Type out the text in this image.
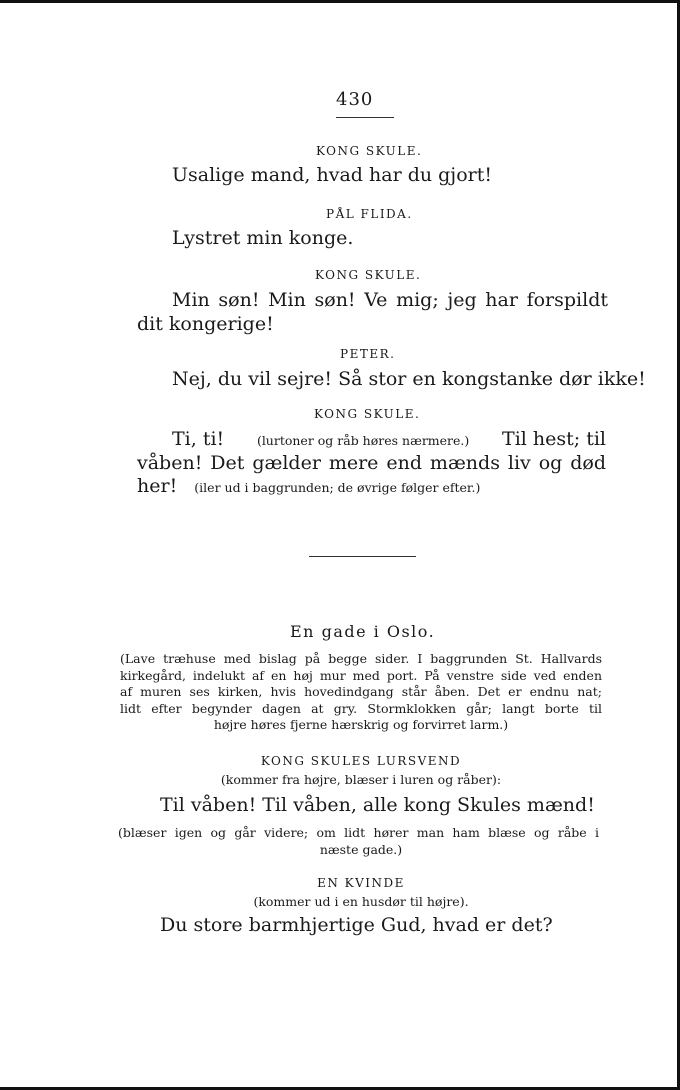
430
KONG SKULE.
Usalige mand, hvad har du gjort!
PÅL FLIDA.
Lystret min konge.
KONG SKULE.
Min søn! Min søn! Ve mig; jeg har forspildt
dit kongerige!
PETER.
Nej, du vil sejre! Så stor en kongstanke dør ikke!
KONG SKULE.
Ti, ti!	(lurtoner og råb høres nærmere.) Til hest; til
våben! Det gælder mere end mænds liv og død
her! (iler ud i baggrunden; de øvrige følger efter.)
En gade i Oslo.
(Lave træhuse med bislag på begge sider. I baggrunden St. Hallvards
kirkegård, indelukt af en høj mur med port. På venstre side ved enden
af muren ses kirken, hvis hovedindgang står åben. Det er endnu nat;
lidt efter begynder dagen at gry. Stormklokken går; langt borte til
højre høres fjerne hærskrig og forvirret larm.)
KONG SKULES LURSVEND
(kommer fra højre, blæser i luren og råber):
Til våben! Til våben, alle kong Skules mænd!
(blæser igen og går videre; om lidt hører man ham blæse og råbe i
næste gade.)
EN KVINDE
(kommer ud i en husdør til højre).
Du store barmhjertige Gud, hvad er det?
